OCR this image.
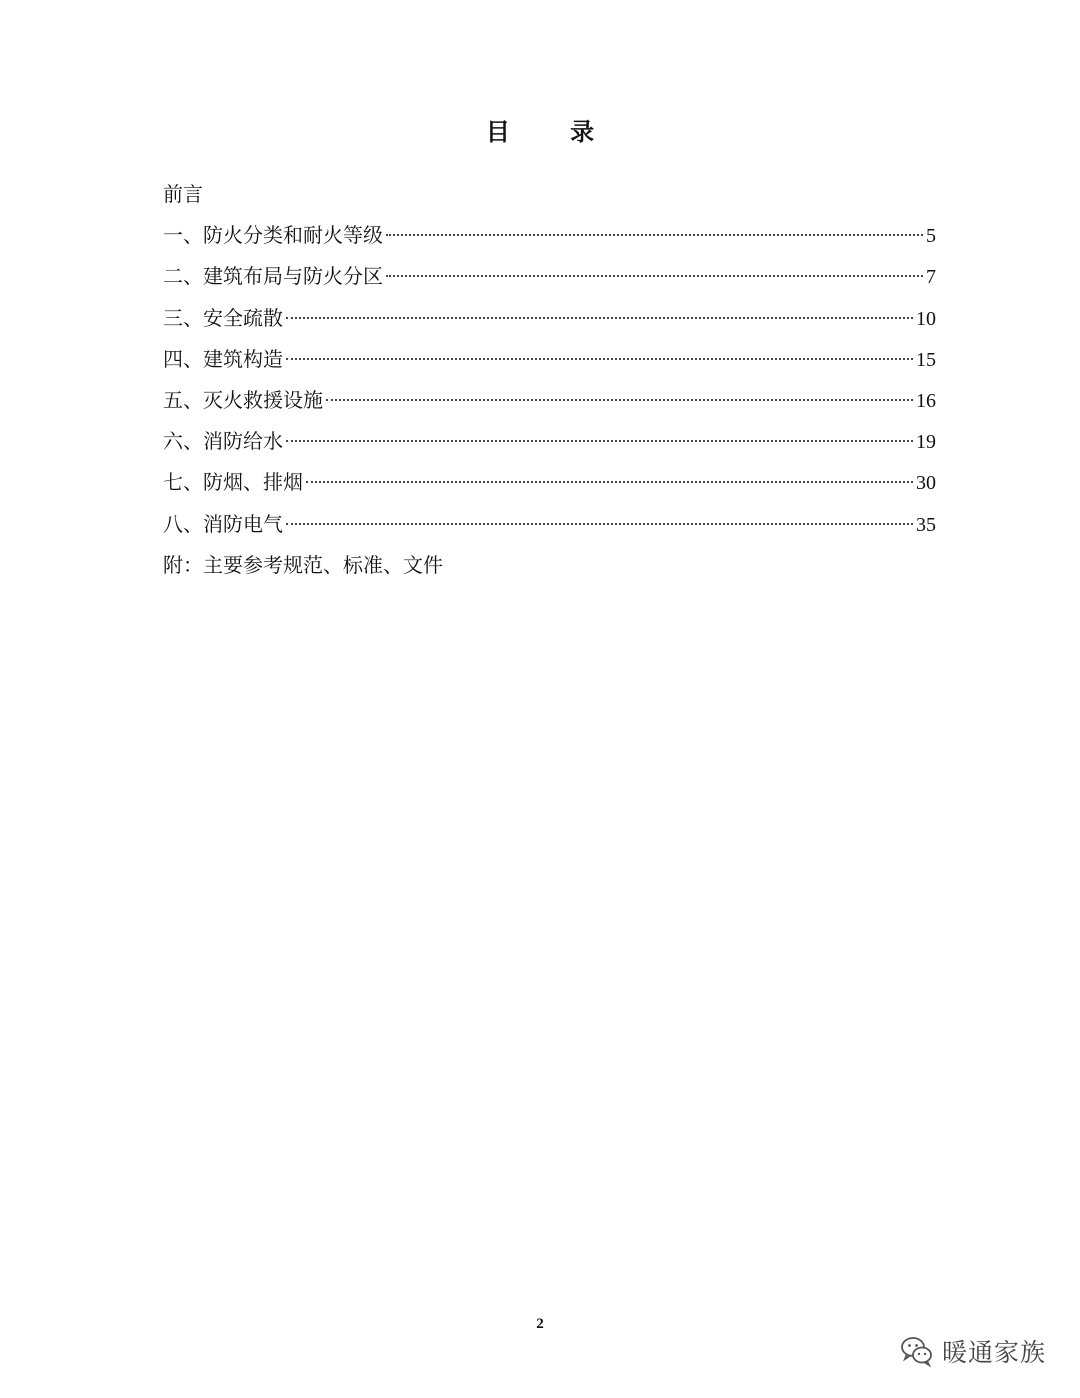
目 录
前言
一、防火分类和耐火等级	5
二、建筑布局与防火分区	7
三、安全疏散	10
四、建筑构造	15
五、灭火救援设施	16
六、消防给水	19
七、防烟、排烟	30
八、消防电气	35
附：主要参考规范、标准、文件
2
暖通家族
